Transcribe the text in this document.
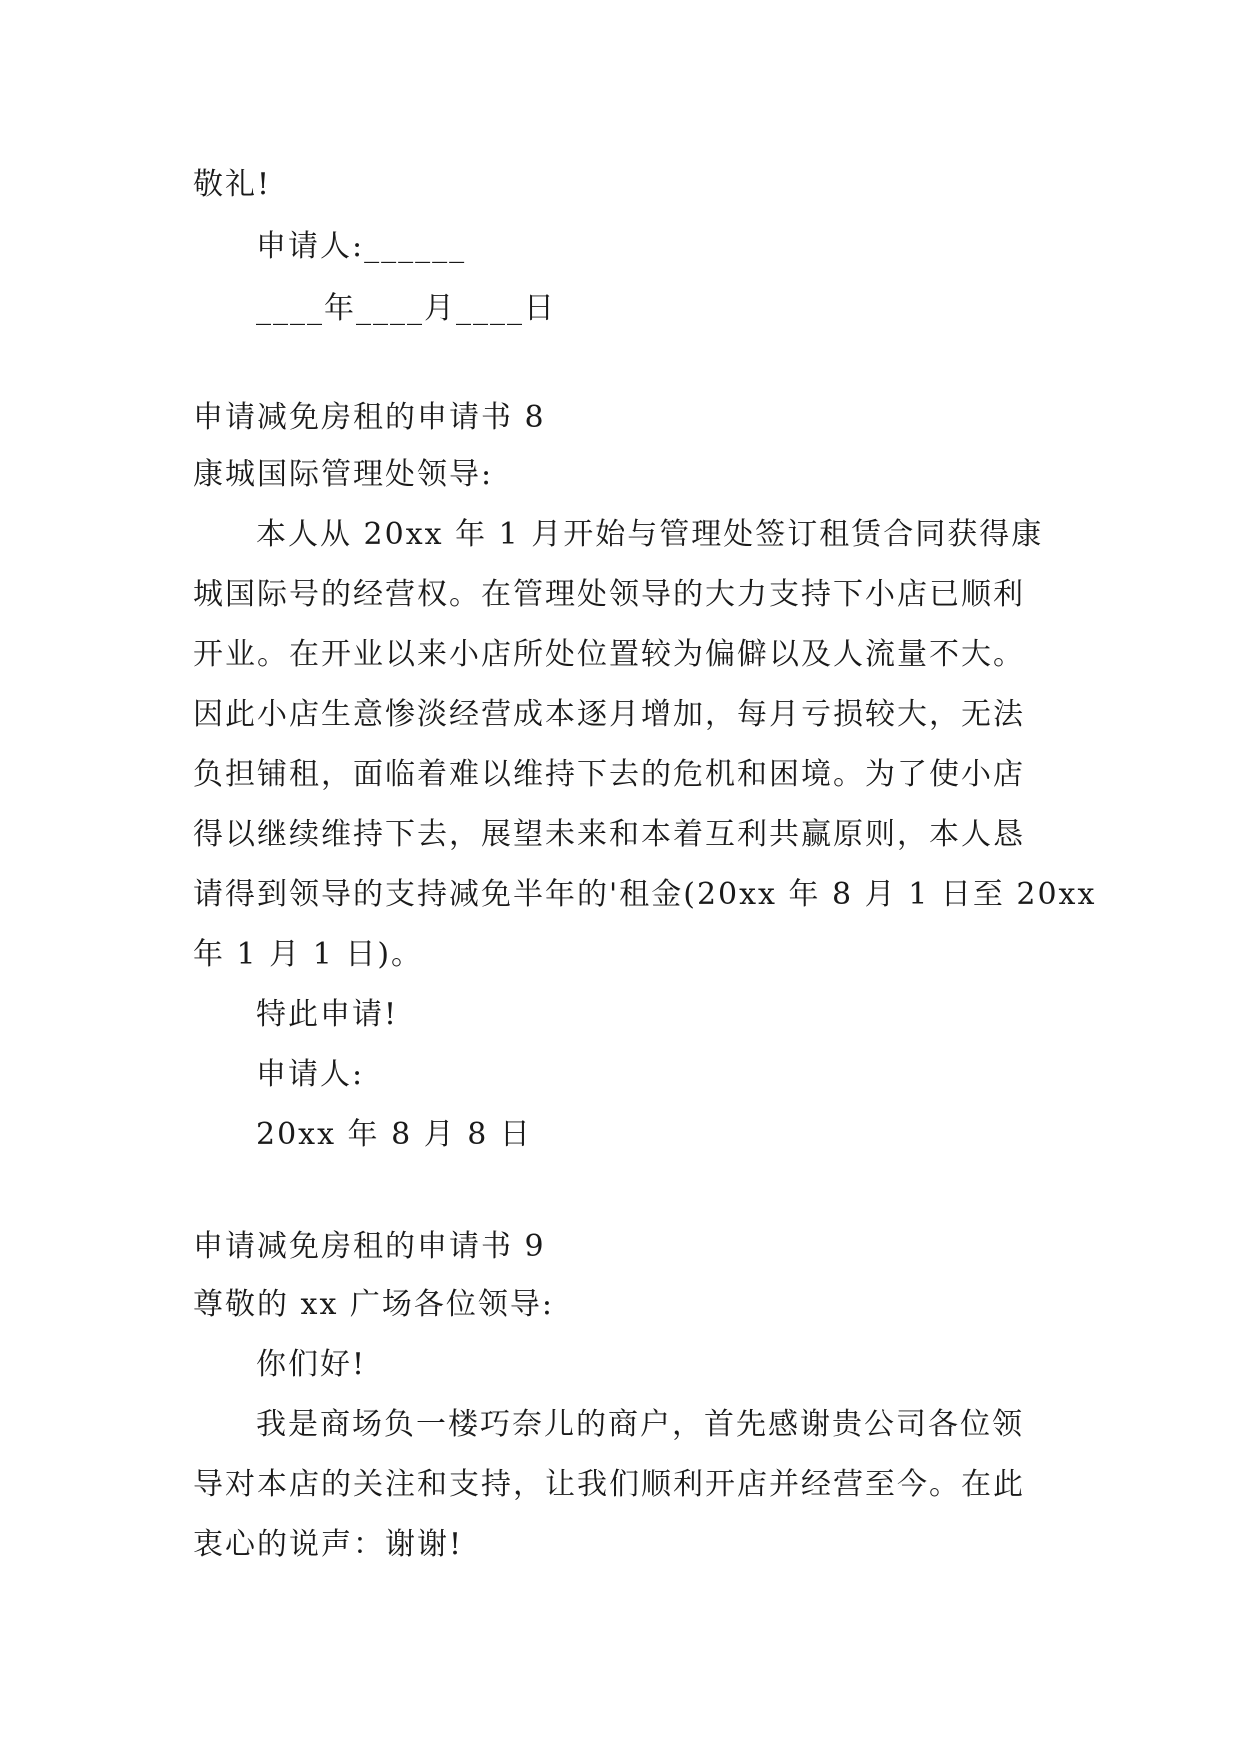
敬礼!
申请人:______
____年____月____日
申请减免房租的申请书 8
康城国际管理处领导:
本人从 20xx 年 1 月开始与管理处签订租赁合同获得康
城国际号的经营权。在管理处领导的大力支持下小店已顺利
开业。在开业以来小店所处位置较为偏僻以及人流量不大。
因此小店生意惨淡经营成本逐月增加，每月亏损较大，无法
负担铺租，面临着难以维持下去的危机和困境。为了使小店
得以继续维持下去，展望未来和本着互利共赢原则，本人恳
请得到领导的支持减免半年的'租金(20xx 年 8 月 1 日至 20xx
年 1 月 1 日)。
特此申请!
申请人:
20xx 年 8 月 8 日
申请减免房租的申请书 9
尊敬的 xx 广场各位领导:
你们好!
我是商场负一楼巧奈儿的商户，首先感谢贵公司各位领
导对本店的关注和支持，让我们顺利开店并经营至今。在此
衷心的说声：谢谢!
